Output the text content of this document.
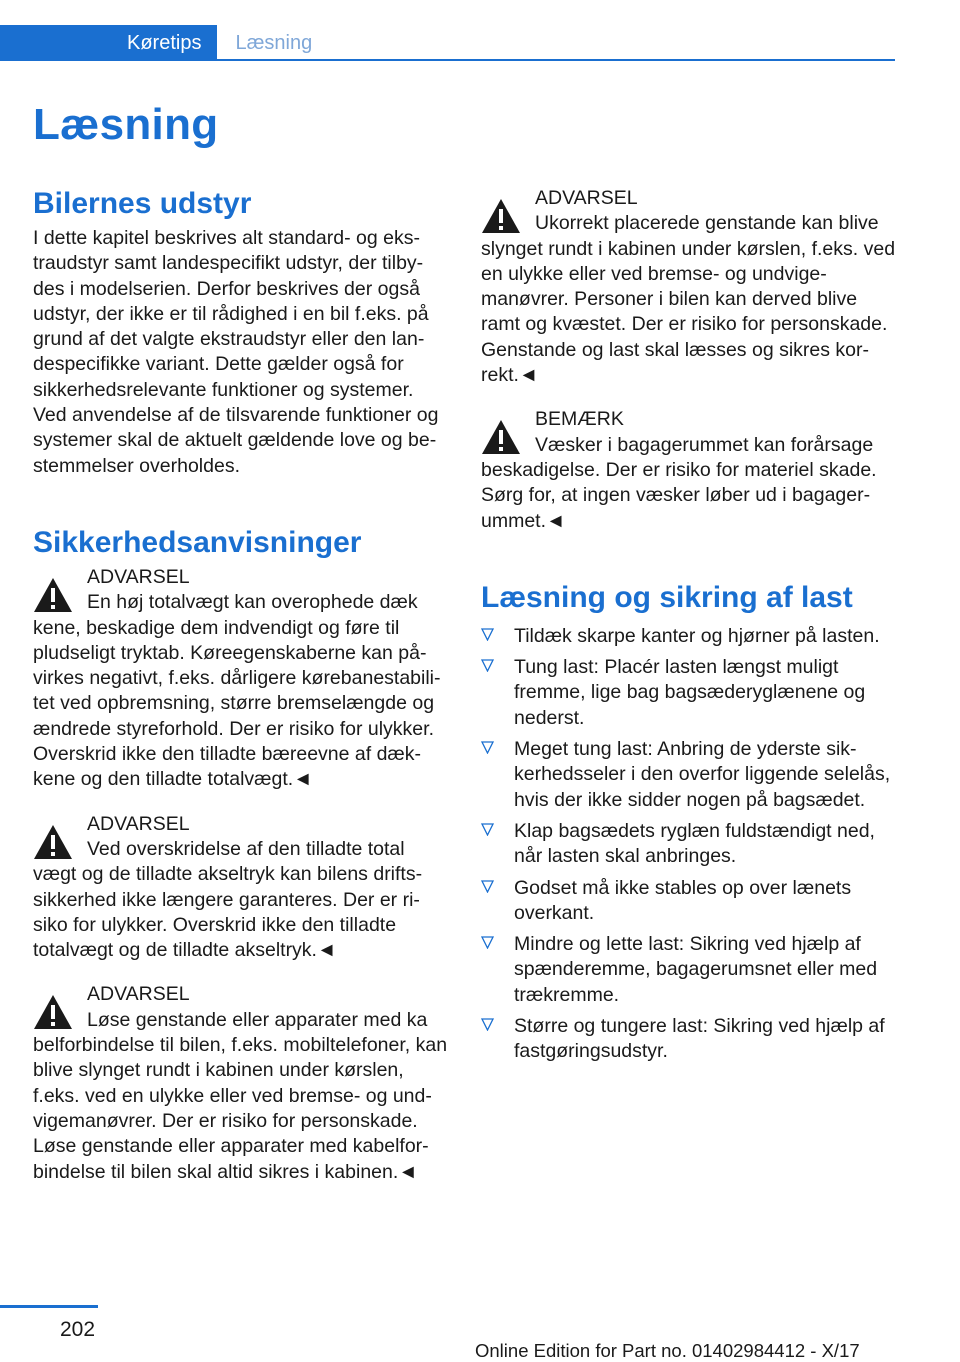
Køretips	Læsning
Læsning
Bilernes udstyr

I dette kapitel beskrives alt standard- og ekstraudstyr samt landespecifikt udstyr, der tilbydes i modelserien. Derfor beskrives der også udstyr, der ikke er til rådighed i en bil f.eks. på grund af det valgte ekstraudstyr eller den landespecifikke variant. Dette gælder også for sikkerhedsrelevante funktioner og systemer. Ved anvendelse af de tilsvarende funktioner og systemer skal de aktuelt gældende love og bestemmelser overholdes.

Sikkerhedsanvisninger
ADVARSEL
En høj totalvægt kan overophede dæk
kene, beskadige dem indvendigt og føre til pludseligt tryktab. Køreegenskaberne kan påvirkes negativt, f.eks. dårligere kørebanestabilitet ved opbremsning, større bremselængde og ændrede styreforhold. Der er risiko for ulykker. Overskrid ikke den tilladte bæreevne af dækkene og den tilladte totalvægt.◄
ADVARSEL
Ved overskridelse af den tilladte total
vægt og de tilladte akseltryk kan bilens driftssikkerhed ikke længere garanteres. Der er risiko for ulykker. Overskrid ikke den tilladte totalvægt og de tilladte akseltryk.◄
ADVARSEL
Løse genstande eller apparater med ka
belforbindelse til bilen, f.eks. mobiltelefoner, kan blive slynget rundt i kabinen under kørslen, f.eks. ved en ulykke eller ved bremse- og undvigemanøvrer. Der er risiko for personskade. Løse genstande eller apparater med kabelforbindelse til bilen skal altid sikres i kabinen.◄
ADVARSEL
Ukorrekt placerede genstande kan blive
slynget rundt i kabinen under kørslen, f.eks. ved en ulykke eller ved bremse- og undvigemanøvrer. Personer i bilen kan derved blive ramt og kvæstet. Der er risiko for personskade. Genstande og last skal læsses og sikres korrekt.◄
BEMÆRK
Væsker i bagagerummet kan forårsage
beskadigelse. Der er risiko for materiel skade. Sørg for, at ingen væsker løber ud i bagagerummet.◄
Læsning og sikring af last
Tildæk skarpe kanter og hjørner på lasten.
Tung last: Placér lasten længst muligt fremme, lige bag bagsæderyglænene og nederst.
Meget tung last: Anbring de yderste sikkerhedsseler i den overfor liggende selelås, hvis der ikke sidder nogen på bagsædet.
Klap bagsædets ryglæn fuldstændigt ned, når lasten skal anbringes.
Godset må ikke stables op over lænets overkant.
Mindre og lette last: Sikring ved hjælp af spænderemme, bagagerumsnet eller med trækremme.
Større og tungere last: Sikring ved hjælp af fastgøringsudstyr.
202
Online Edition for Part no. 01402984412 - X/17
